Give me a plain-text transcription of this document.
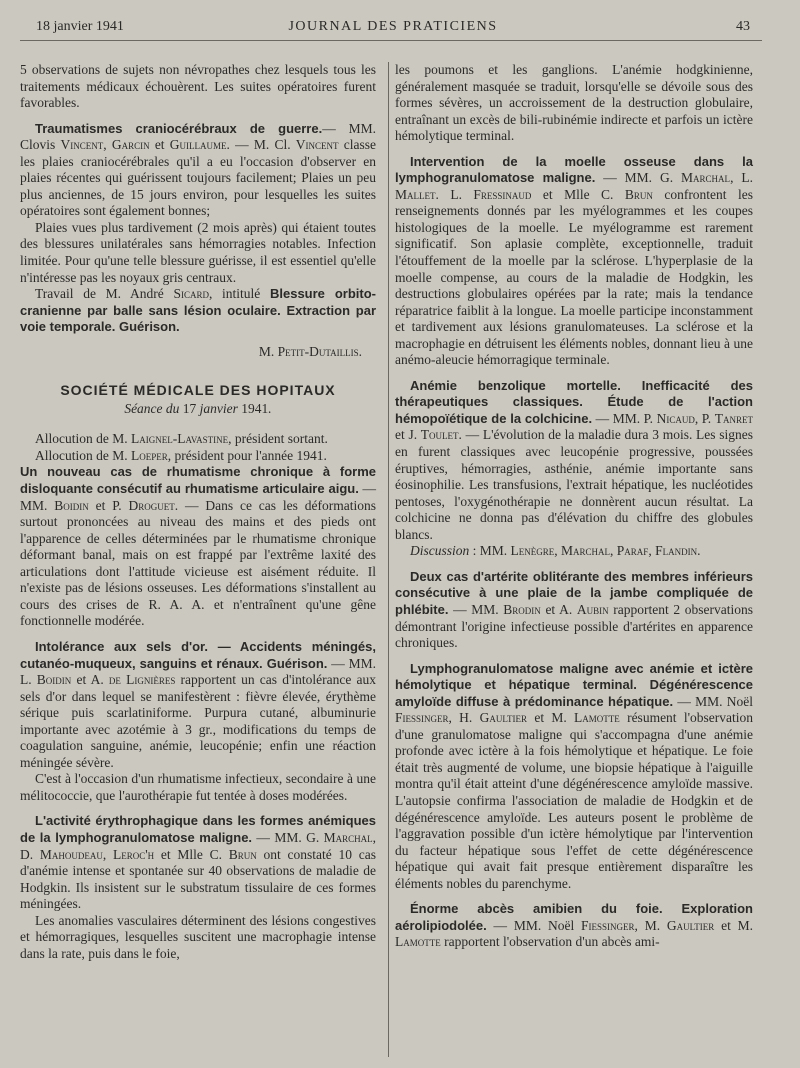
18 janvier 1941	JOURNAL DES PRATICIENS	43

5 observations de sujets non névropathes chez lesquels tous les traitements médicaux échouèrent. Les suites opératoires furent favorables.

Traumatismes craniocérébraux de guerre.— MM. Clovis Vincent, Garcin et Guillaume. — M. Cl. Vincent classe les plaies craniocérébrales qu'il a eu l'occasion d'observer en plaies récentes qui guérissent toujours facilement; Plaies un peu plus anciennes, de 15 jours environ, pour lesquelles les suites opératoires sont également bonnes;

Plaies vues plus tardivement (2 mois après) qui étaient toutes des blessures unilatérales sans hémorragies notables. Infection limitée. Pour qu'une telle blessure guérisse, il est essentiel qu'elle n'intéresse pas les noyaux gris centraux.

Travail de M. André Sicard, intitulé Blessure orbito-cranienne par balle sans lésion oculaire. Extraction par voie temporale. Guérison.

M. Petit-Dutaillis.
SOCIÉTÉ MÉDICALE DES HOPITAUX
Séance du 17 janvier 1941.

Allocution de M. Laignel-Lavastine, président sortant.

Allocution de M. Loeper, président pour l'année 1941.

Un nouveau cas de rhumatisme chronique à forme disloquante consécutif au rhumatisme articulaire aigu. — MM. Boidin et P. Droguet. — Dans ce cas les déformations surtout prononcées au niveau des mains et des pieds ont l'apparence de celles déterminées par le rhumatisme chronique déformant banal, mais on est frappé par l'extrême laxité des articulations dont l'attitude vicieuse est aisément réduite. Il n'existe pas de lésions osseuses. Les déformations s'installent au cours des crises de R. A. A. et n'entraînent qu'une gêne fonctionnelle modérée.

Intolérance aux sels d'or. — Accidents méningés, cutanéo-muqueux, sanguins et rénaux. Guérison. — MM. L. Boidin et A. de Lignières rapportent un cas d'intolérance aux sels d'or dans lequel se manifestèrent : fièvre élevée, érythème sérique puis scarlatiniforme. Purpura cutané, albuminurie importante avec azotémie à 3 gr., modifications du temps de coagulation sanguine, anémie, leucopénie; enfin une réaction méningée sévère.

C'est à l'occasion d'un rhumatisme infectieux, secondaire à une mélitococcie, que l'aurothérapie fut tentée à doses modérées.

L'activité érythrophagique dans les formes anémiques de la lymphogranulomatose maligne. — MM. G. Marchal, D. Mahoudeau, Leroc'h et Mlle C. Brun ont constaté 10 cas d'anémie intense et spontanée sur 40 observations de maladie de Hodgkin. Ils insistent sur le substratum tissulaire de ces formes méningées.

Les anomalies vasculaires déterminent des lésions congestives et hémorragiques, lesquelles suscitent une macrophagie intense dans la rate, puis dans le foie,

les poumons et les ganglions. L'anémie hodgkinienne, généralement masquée se traduit, lorsqu'elle se dévoile sous des formes sévères, un accroissement de la destruction globulaire, entraînant un excès de bili-rubinémie indirecte et parfois un ictère hémolytique terminal.

Intervention de la moelle osseuse dans la lymphogranulomatose maligne. — MM. G. Marchal, L. Mallet. L. Fressinaud et Mlle C. Brun confrontent les renseignements donnés par les myélogrammes et les coupes histologiques de la moelle. Le myélogramme est rarement significatif. Son aplasie complète, exceptionnelle, traduit l'étouffement de la moelle par la sclérose. L'hyperplasie de la moelle compense, au cours de la maladie de Hodgkin, les destructions globulaires opérées par la rate; mais la tendance réparatrice faiblit à la longue. La moelle participe inconstamment et tardivement aux lésions granulomateuses. La sclérose et la macrophagie en détruisent les éléments nobles, donnant lieu à une anémo-aleucie hémorragique terminale.

Anémie benzolique mortelle. Inefficacité des thérapeutiques classiques. Étude de l'action hémopoïétique de la colchicine. — MM. P. Nicaud, P. Tanret et J. Toulet. — L'évolution de la maladie dura 3 mois. Les signes en furent classiques avec leucopénie progressive, poussées éruptives, hémorragies, asthénie, anémie importante sans éosinophilie. Les transfusions, l'extrait hépatique, les nucléotides pentoses, l'oxygénothérapie ne donnèrent aucun résultat. La colchicine ne donna pas d'élévation du chiffre des globules blancs.

Discussion : MM. Lenègre, Marchal, Paraf, Flandin.

Deux cas d'artérite oblitérante des membres inférieurs consécutive à une plaie de la jambe compliquée de phlébite. — MM. Brodin et A. Aubin rapportent 2 observations démontrant l'origine infectieuse possible d'artérites en apparence chroniques.

Lymphogranulomatose maligne avec anémie et ictère hémolytique et hépatique terminal. Dégénérescence amyloïde diffuse à prédominance hépatique. — MM. Noël Fiessinger, H. Gaultier et M. Lamotte résument l'observation d'une granulomatose maligne qui s'accompagna d'une anémie profonde avec ictère à la fois hémolytique et hépatique. Le foie était très augmenté de volume, une biopsie hépatique à l'aiguille montra qu'il était atteint d'une dégénérescence amyloïde massive. L'autopsie confirma l'association de maladie de Hodgkin et de dégénérescence amyloïde. Les auteurs posent le problème de l'aggravation possible d'un ictère hémolytique par l'intervention du facteur hépatique sous l'effet de cette dégénérescence hépatique qui avait fait presque entièrement disparaître les éléments nobles du parenchyme.

Énorme abcès amibien du foie. Exploration aérolipiodolée. — MM. Noël Fiessinger, M. Gaultier et M. Lamotte rapportent l'observation d'un abcès ami-
